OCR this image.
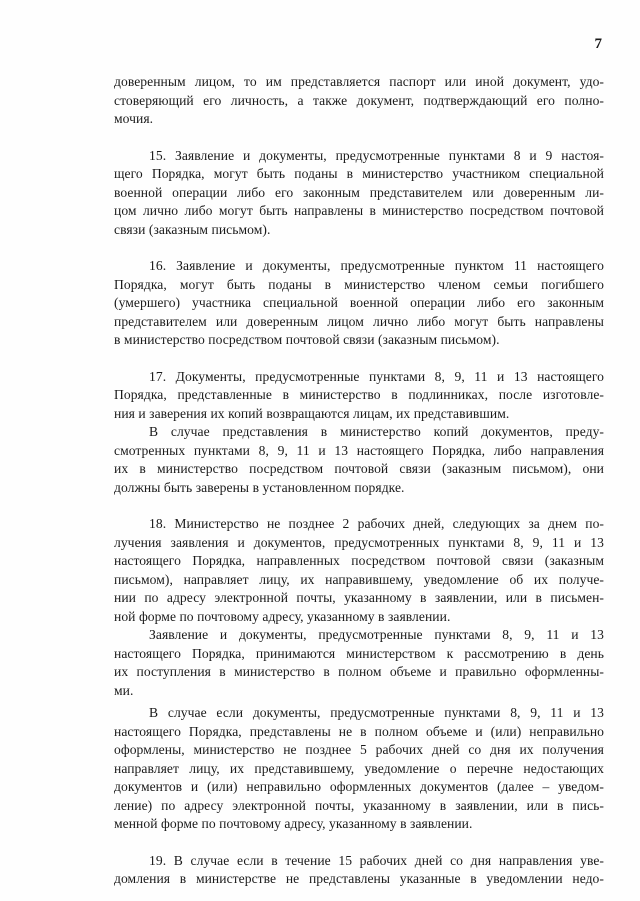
7
доверенным лицом, то им представляется паспорт или иной документ, удо-
стоверяющий его личность, а также документ, подтверждающий его полно-
мочия.
15. Заявление и документы, предусмотренные пунктами 8 и 9 настоя-
щего Порядка, могут быть поданы в министерство участником специальной
военной операции либо его законным представителем или доверенным ли-
цом лично либо могут быть направлены в министерство посредством почтовой
связи (заказным письмом).
16. Заявление и документы, предусмотренные пунктом 11 настоящего
Порядка, могут быть поданы в министерство членом семьи погибшего
(умершего) участника специальной военной операции либо его законным
представителем или доверенным лицом лично либо могут быть направлены
в министерство посредством почтовой связи (заказным письмом).
17. Документы, предусмотренные пунктами 8, 9, 11 и 13 настоящего
Порядка, представленные в министерство в подлинниках, после изготовле-
ния и заверения их копий возвращаются лицам, их представившим.
В случае представления в министерство копий документов, преду-
смотренных пунктами 8, 9, 11 и 13 настоящего Порядка, либо направления
их в министерство посредством почтовой связи (заказным письмом), они
должны быть заверены в установленном порядке.
18. Министерство не позднее 2 рабочих дней, следующих за днем по-
лучения заявления и документов, предусмотренных пунктами 8, 9, 11 и 13
настоящего Порядка, направленных посредством почтовой связи (заказным
письмом), направляет лицу, их направившему, уведомление об их получе-
нии по адресу электронной почты, указанному в заявлении, или в письмен-
ной форме по почтовому адресу, указанному в заявлении.
Заявление и документы, предусмотренные пунктами 8, 9, 11 и 13
настоящего Порядка, принимаются министерством к рассмотрению в день
их поступления в министерство в полном объеме и правильно оформленны-
ми.
В случае если документы, предусмотренные пунктами 8, 9, 11 и 13
настоящего Порядка, представлены не в полном объеме и (или) неправильно
оформлены, министерство не позднее 5 рабочих дней со дня их получения
направляет лицу, их представившему, уведомление о перечне недостающих
документов и (или) неправильно оформленных документов (далее – уведом-
ление) по адресу электронной почты, указанному в заявлении, или в пись-
менной форме по почтовому адресу, указанному в заявлении.
19. В случае если в течение 15 рабочих дней со дня направления уве-
домления в министерстве не представлены указанные в уведомлении недо-
